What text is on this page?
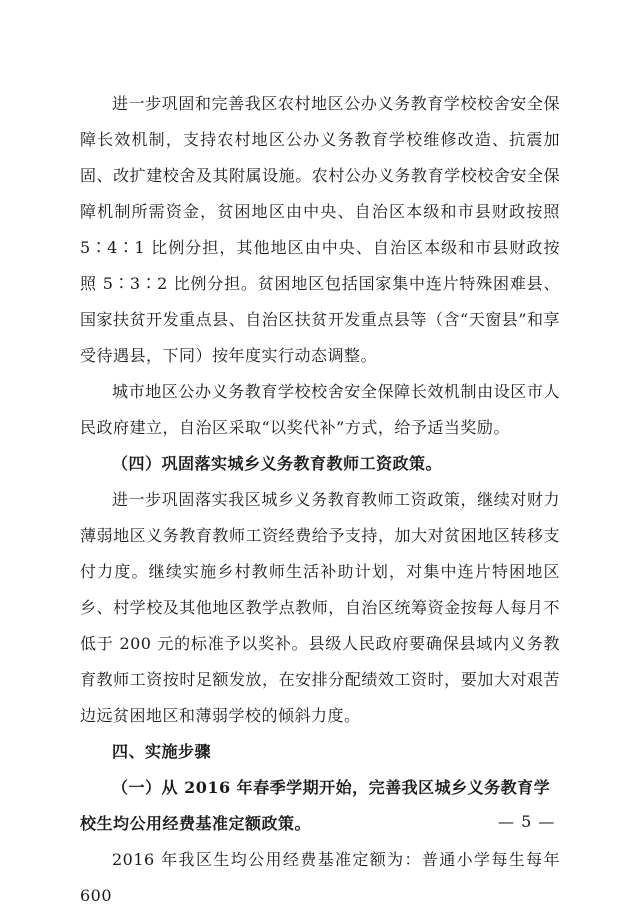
进一步巩固和完善我区农村地区公办义务教育学校校舍安全保障长效机制，支持农村地区公办义务教育学校维修改造、抗震加固、改扩建校舍及其附属设施。农村公办义务教育学校校舍安全保障机制所需资金，贫困地区由中央、自治区本级和市县财政按照 5∶4∶1 比例分担，其他地区由中央、自治区本级和市县财政按照 5∶3∶2 比例分担。贫困地区包括国家集中连片特殊困难县、国家扶贫开发重点县、自治区扶贫开发重点县等（含“天窗县”和享受待遇县，下同）按年度实行动态调整。

城市地区公办义务教育学校校舍安全保障长效机制由设区市人民政府建立，自治区采取“以奖代补”方式，给予适当奖励。

（四）巩固落实城乡义务教育教师工资政策。

进一步巩固落实我区城乡义务教育教师工资政策，继续对财力薄弱地区义务教育教师工资经费给予支持，加大对贫困地区转移支付力度。继续实施乡村教师生活补助计划，对集中连片特困地区乡、村学校及其他地区教学点教师，自治区统筹资金按每人每月不低于 200 元的标准予以奖补。县级人民政府要确保县域内义务教育教师工资按时足额发放，在安排分配绩效工资时，要加大对艰苦边远贫困地区和薄弱学校的倾斜力度。

四、实施步骤

（一）从 2016 年春季学期开始，完善我区城乡义务教育学校生均公用经费基准定额政策。

2016 年我区生均公用经费基准定额为：普通小学每生每年 600

— 5 —
